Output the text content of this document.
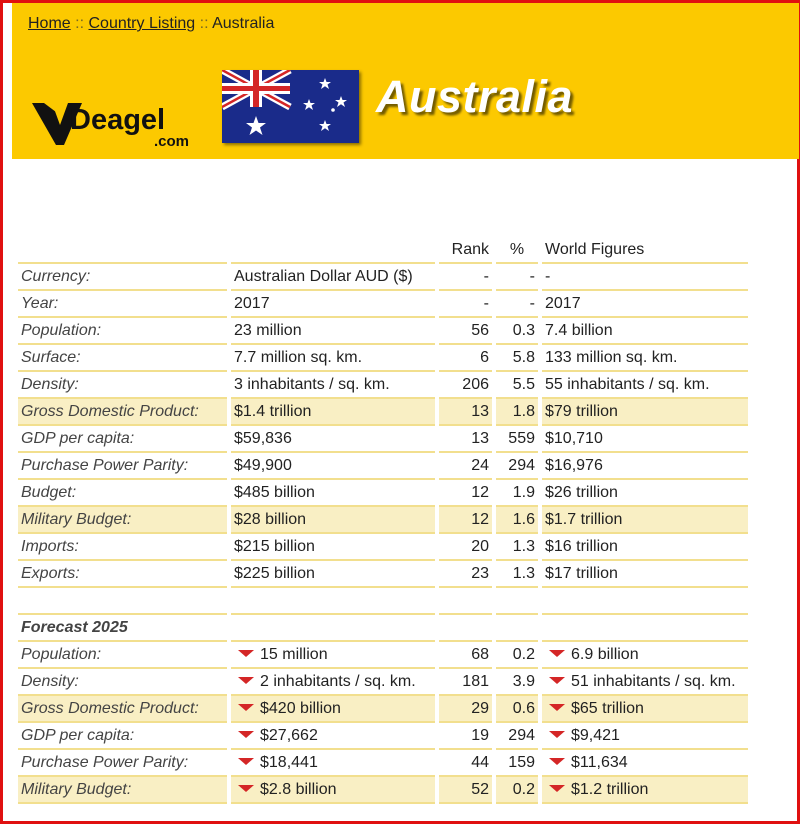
Home :: Country Listing :: Australia
Deagel
.com
Australia
		Rank	%	World Figures
Currency:	Australian Dollar AUD ($)	-	-	-
Year:	2017	-	-	2017
Population:	23 million	56	0.3	7.4 billion
Surface:	7.7 million sq. km.	6	5.8	133 million sq. km.
Density:	3 inhabitants / sq. km.	206	5.5	55 inhabitants / sq. km.
Gross Domestic Product:	$1.4 trillion	13	1.8	$79 trillion
GDP per capita:	$59,836	13	559	$10,710
Purchase Power Parity:	$49,900	24	294	$16,976
Budget:	$485 billion	12	1.9	$26 trillion
Military Budget:	$28 billion	12	1.6	$1.7 trillion
Imports:	$215 billion	20	1.3	$16 trillion
Exports:	$225 billion	23	1.3	$17 trillion

Forecast 2025				
Population:	15 million	68	0.2	6.9 billion
Density:	2 inhabitants / sq. km.	181	3.9	51 inhabitants / sq. km.
Gross Domestic Product:	$420 billion	29	0.6	$65 trillion
GDP per capita:	$27,662	19	294	$9,421
Purchase Power Parity:	$18,441	44	159	$11,634
Military Budget:	$2.8 billion	52	0.2	$1.2 trillion
